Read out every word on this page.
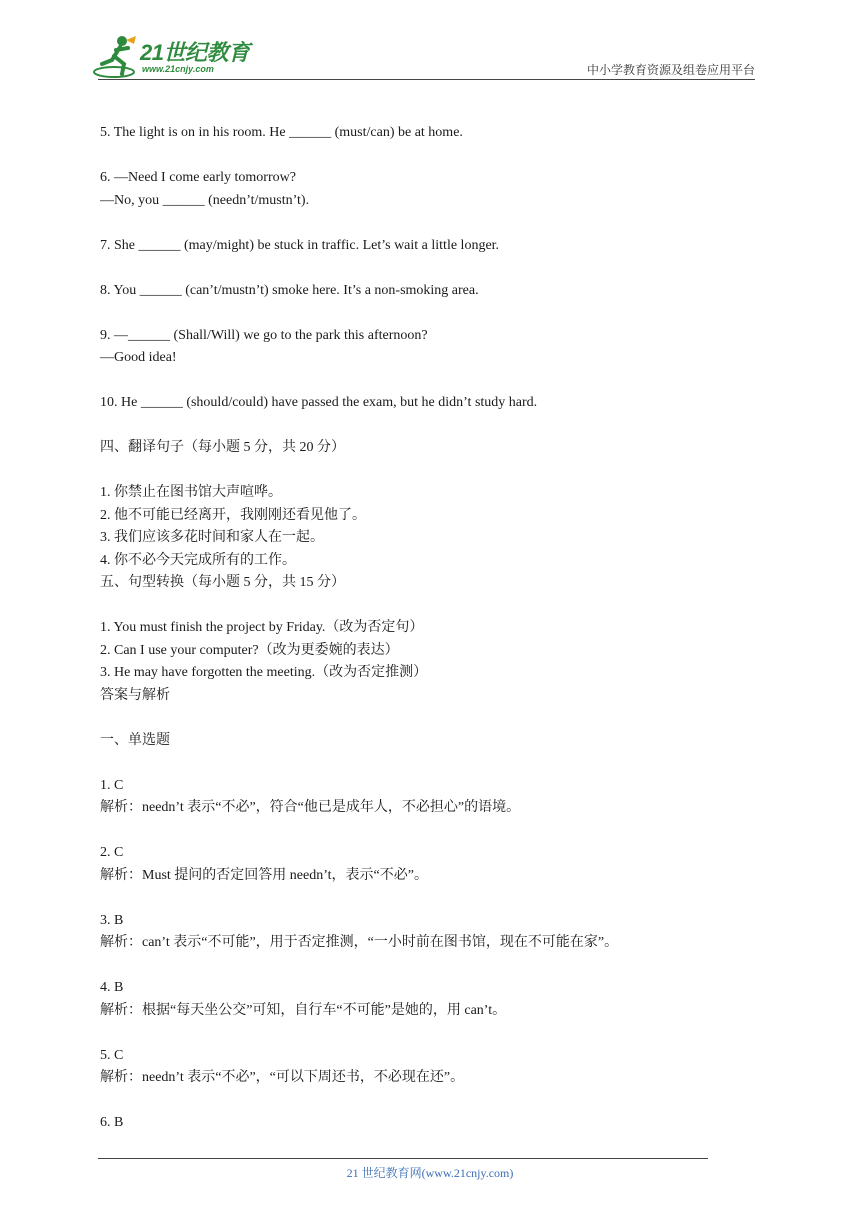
21世纪教育
www.21cnjy.com	中小学教育资源及组卷应用平台
5. The light is on in his room. He ______ (must/can) be at home.
6. —Need I come early tomorrow?
—No, you ______ (needn’t/mustn’t).
7. She ______ (may/might) be stuck in traffic. Let’s wait a little longer.
8. You ______ (can’t/mustn’t) smoke here. It’s a non-smoking area.
9. —______ (Shall/Will) we go to the park this afternoon?
—Good idea!
10. He ______ (should/could) have passed the exam, but he didn’t study hard.
四、翻译句子（每小题 5 分，共 20 分）
1. 你禁止在图书馆大声喧哗。
2. 他不可能已经离开，我刚刚还看见他了。
3. 我们应该多花时间和家人在一起。
4. 你不必今天完成所有的工作。
五、句型转换（每小题 5 分，共 15 分）
1. You must finish the project by Friday.（改为否定句）
2. Can I use your computer?（改为更委婉的表达）
3. He may have forgotten the meeting.（改为否定推测）
答案与解析
一、单选题
1. C
解析：needn’t 表示“不必”，符合“他已是成年人，不必担心”的语境。
2. C
解析：Must 提问的否定回答用 needn’t，表示“不必”。
3. B
解析：can’t 表示“不可能”，用于否定推测，“一小时前在图书馆，现在不可能在家”。
4. B
解析：根据“每天坐公交”可知，自行车“不可能”是她的，用 can’t。
5. C
解析：needn’t 表示“不必”，“可以下周还书，不必现在还”。
6. B
21 世纪教育网(www.21cnjy.com)
